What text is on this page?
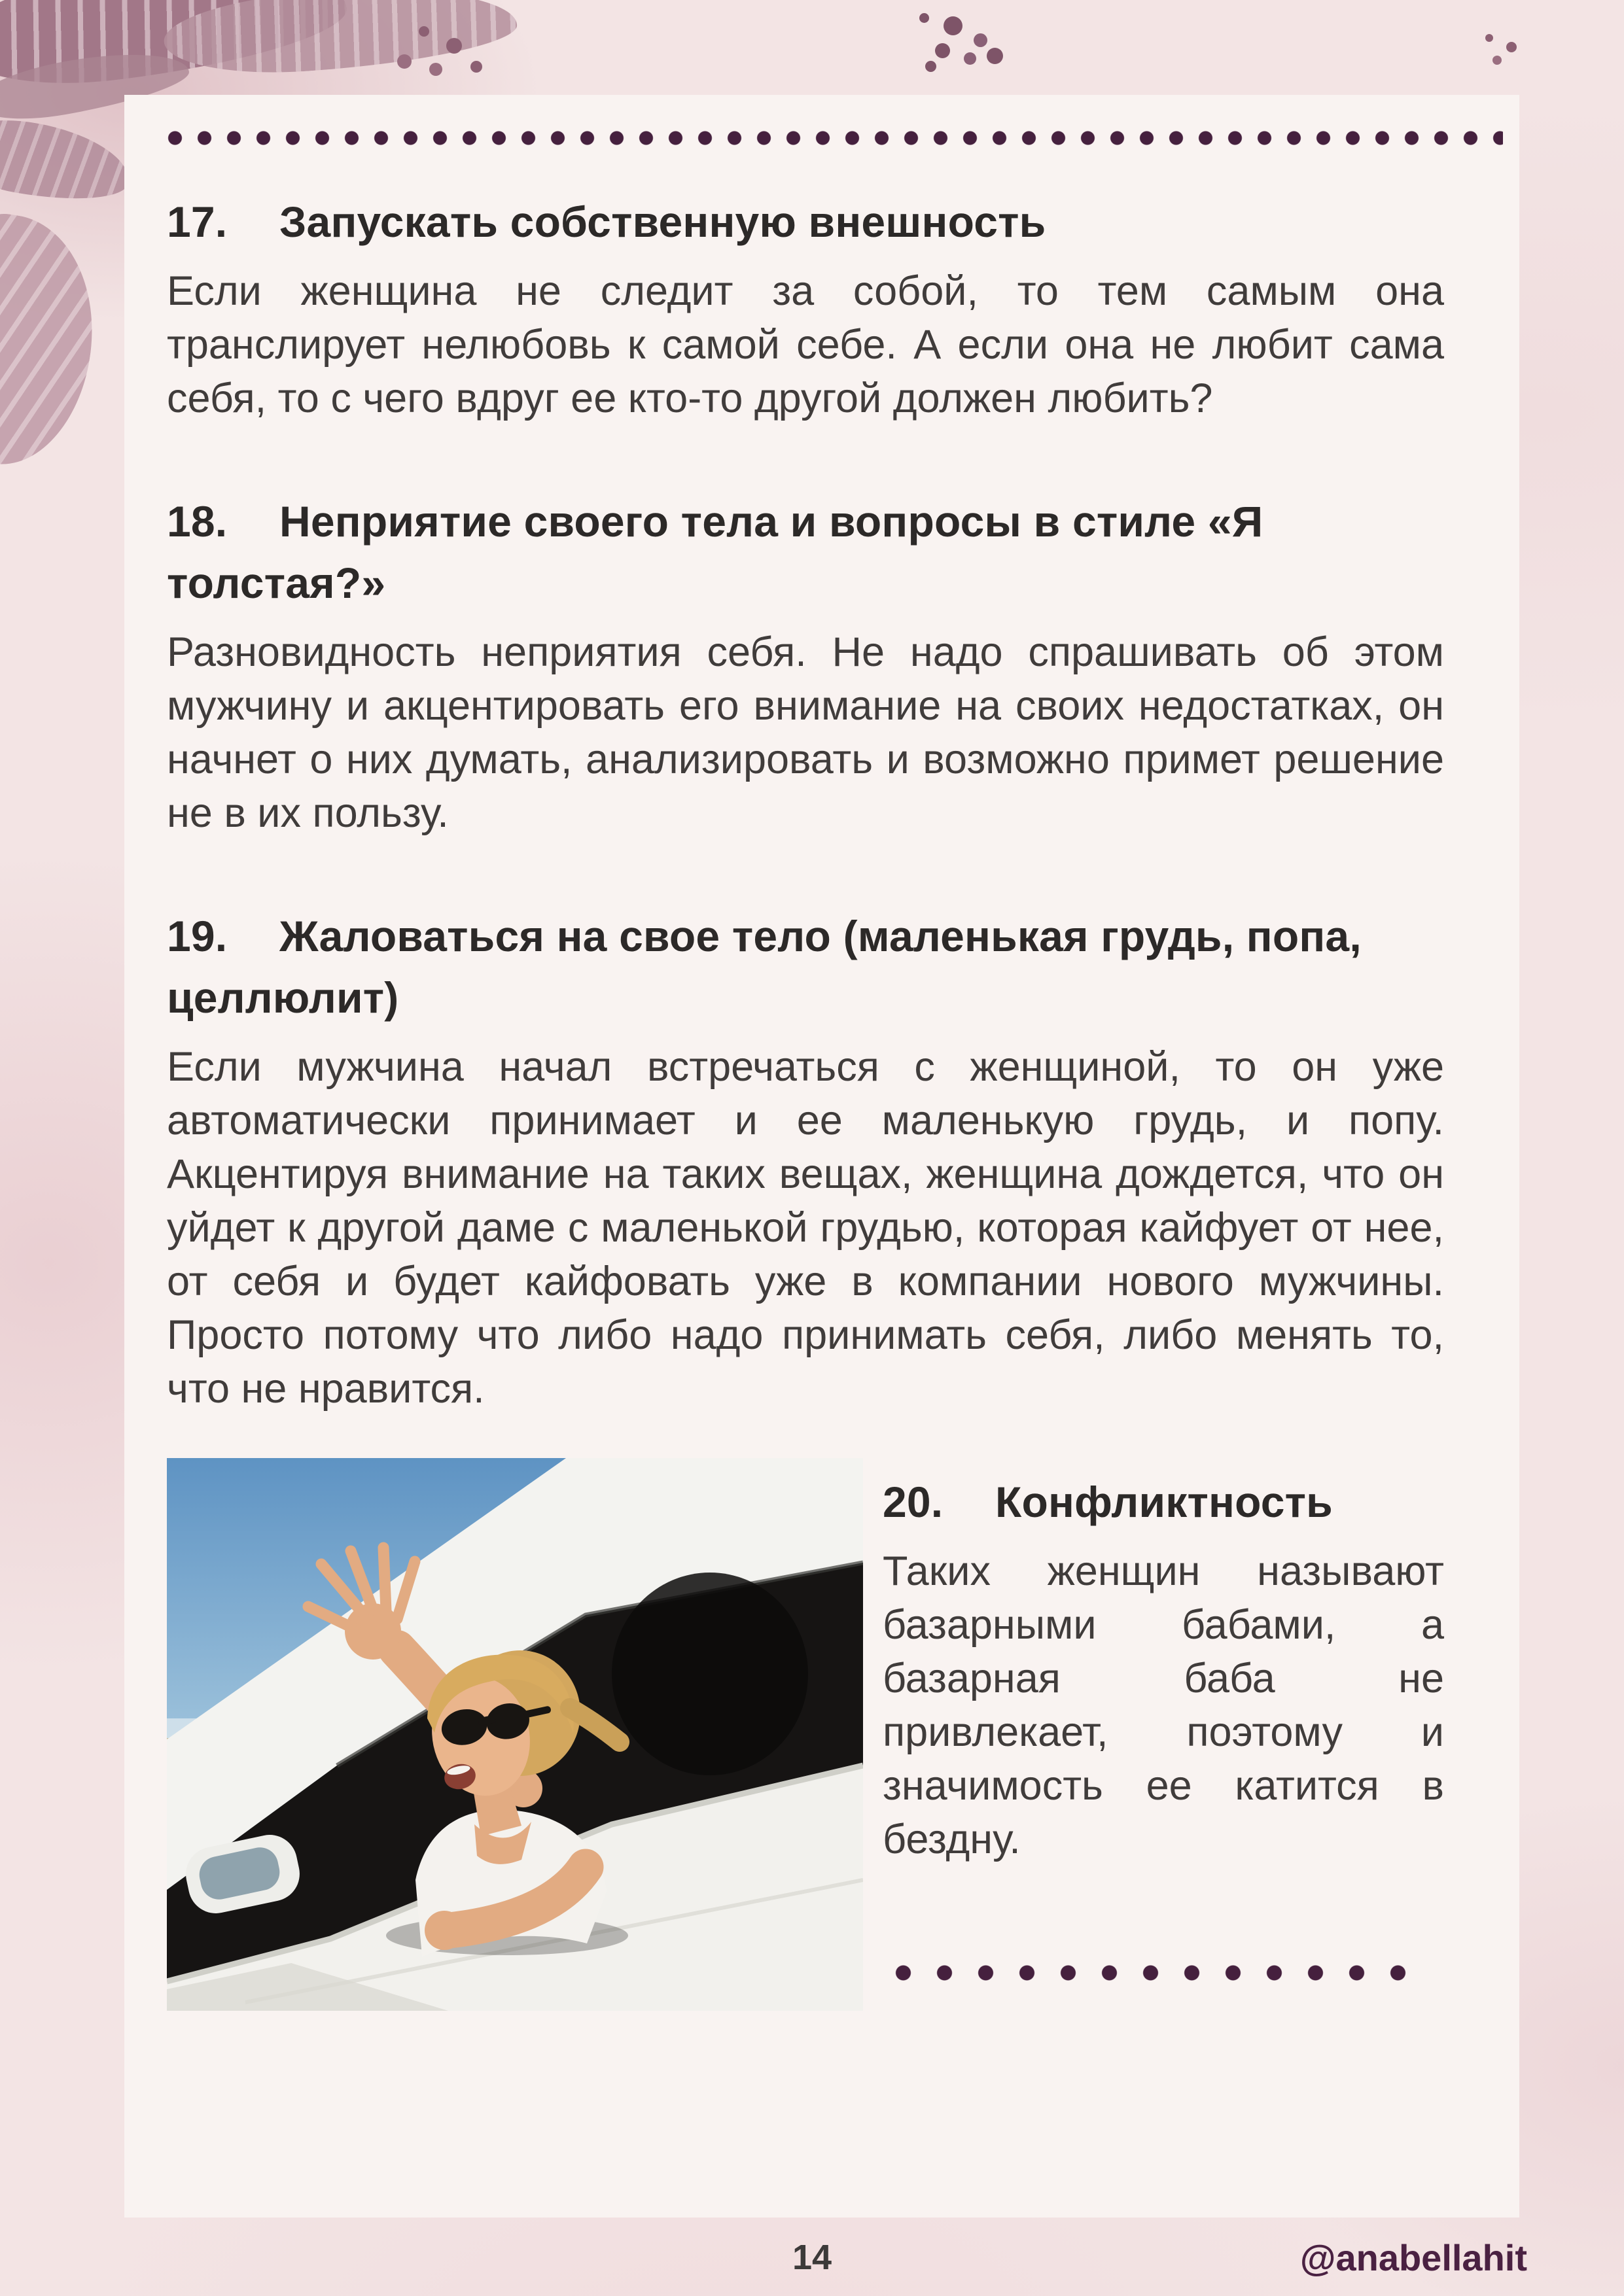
17. Запускать собственную внешность

Если женщина не следит за собой, то тем самым она транслирует нелюбовь к самой себе. А если она не любит сама себя, то с чего вдруг ее кто-то другой должен любить?

18. Неприятие своего тела и вопросы в стиле «Я толстая?»

Разновидность неприятия себя. Не надо спрашивать об этом мужчину и акцентировать его внимание на своих недостатках, он начнет о них думать, анализировать и возможно примет решение не в их пользу.

19. Жаловаться на свое тело (маленькая грудь, попа, целлюлит)

Если мужчина начал встречаться с женщиной, то он уже автоматически принимает и ее маленькую грудь, и попу. Акцентируя внимание на таких вещах, женщина дождется, что он уйдет к другой даме с маленькой грудью, которая кайфует от нее, от себя и будет кайфовать уже в компании нового мужчины. Просто потому что либо надо принимать себя, либо менять то, что не нравится.

20. Конфликтность

Таких женщин называют базарными бабами, а базарная баба не привлекает, поэтому и значимость ее катится в бездну.

14	@anabellahit
